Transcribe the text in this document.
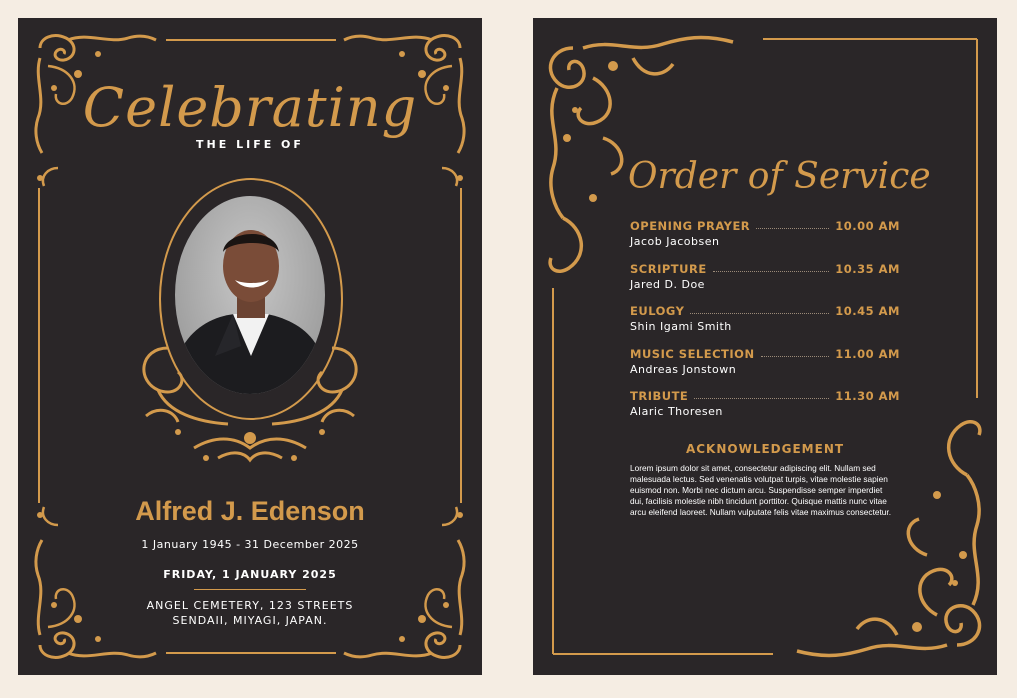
Celebrating
THE LIFE OF
Alfred J. Edenson
1 January 1945 - 31 December 2025
FRIDAY, 1 JANUARY 2025
ANGEL CEMETERY, 123 STREETS
SENDAII, MIYAGI, JAPAN.
Order of Service
OPENING PRAYER	10.00 AM
Jacob Jacobsen
SCRIPTURE	10.35 AM
Jared D. Doe
EULOGY	10.45 AM
Shin Igami Smith
MUSIC SELECTION	11.00 AM
Andreas Jonstown
TRIBUTE	11.30 AM
Alaric Thoresen
ACKNOWLEDGEMENT
Lorem ipsum dolor sit amet, consectetur adipiscing elit. Nullam sed malesuada lectus. Sed venenatis volutpat turpis, vitae molestie sapien euismod non. Morbi nec dictum arcu. Suspendisse semper imperdiet dui, facilisis molestie nibh tincidunt porttitor. Quisque mattis nunc vitae arcu eleifend laoreet. Nullam vulputate felis vitae maximus consectetur.
